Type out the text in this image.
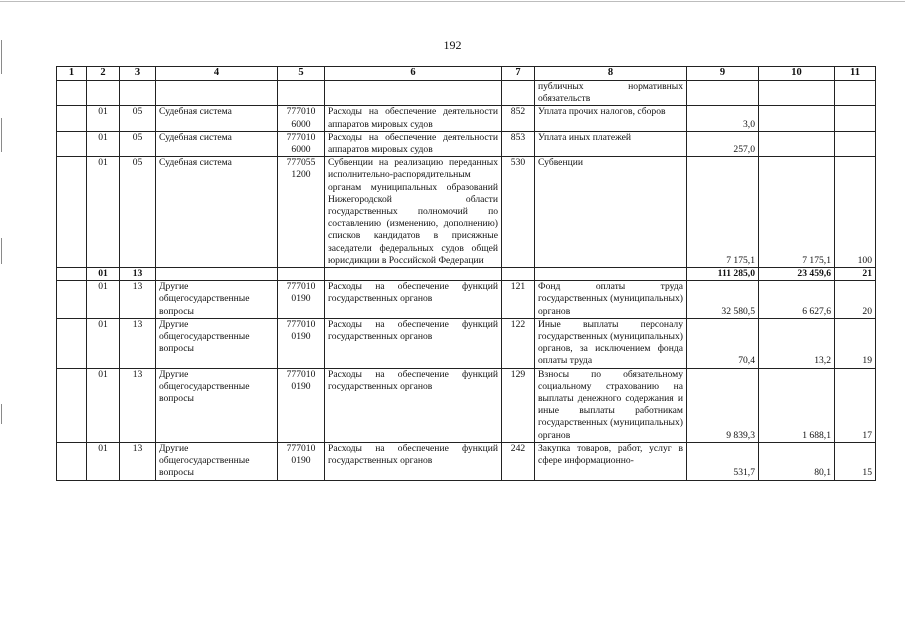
192
1	2	3	4	5	6	7	8	9	10	11
							публичных нормативных обязательств			
	01	05	Судебная система	777010 6000	Расходы на обеспечение деятельности аппаратов мировых судов	852	Уплата прочих налогов, сборов	3,0		
	01	05	Судебная система	777010 6000	Расходы на обеспечение деятельности аппаратов мировых судов	853	Уплата иных платежей	257,0		
	01	05	Судебная система	777055 1200	Субвенции на реализацию переданных исполнительно-распорядительным органам муниципальных образований Нижегородской области государственных полномочий по составлению (изменению, дополнению) списков кандидатов в присяжные заседатели федеральных судов общей юрисдикции в Российской Федерации	530	Субвенции	7 175,1	7 175,1	100
	01	13						111 285,0	23 459,6	21
	01	13	Другие общегосударственные вопросы	777010 0190	Расходы на обеспечение функций государственных органов	121	Фонд оплаты труда государственных (муниципальных) органов	32 580,5	6 627,6	20
	01	13	Другие общегосударственные вопросы	777010 0190	Расходы на обеспечение функций государственных органов	122	Иные выплаты персоналу государственных (муниципальных) органов, за исключением фонда оплаты труда	70,4	13,2	19
	01	13	Другие общегосударственные вопросы	777010 0190	Расходы на обеспечение функций государственных органов	129	Взносы по обязательному социальному страхованию на выплаты денежного содержания и иные выплаты работникам государственных (муниципальных) органов	9 839,3	1 688,1	17
	01	13	Другие общегосударственные вопросы	777010 0190	Расходы на обеспечение функций государственных органов	242	Закупка товаров, работ, услуг в сфере информационно-	531,7	80,1	15
